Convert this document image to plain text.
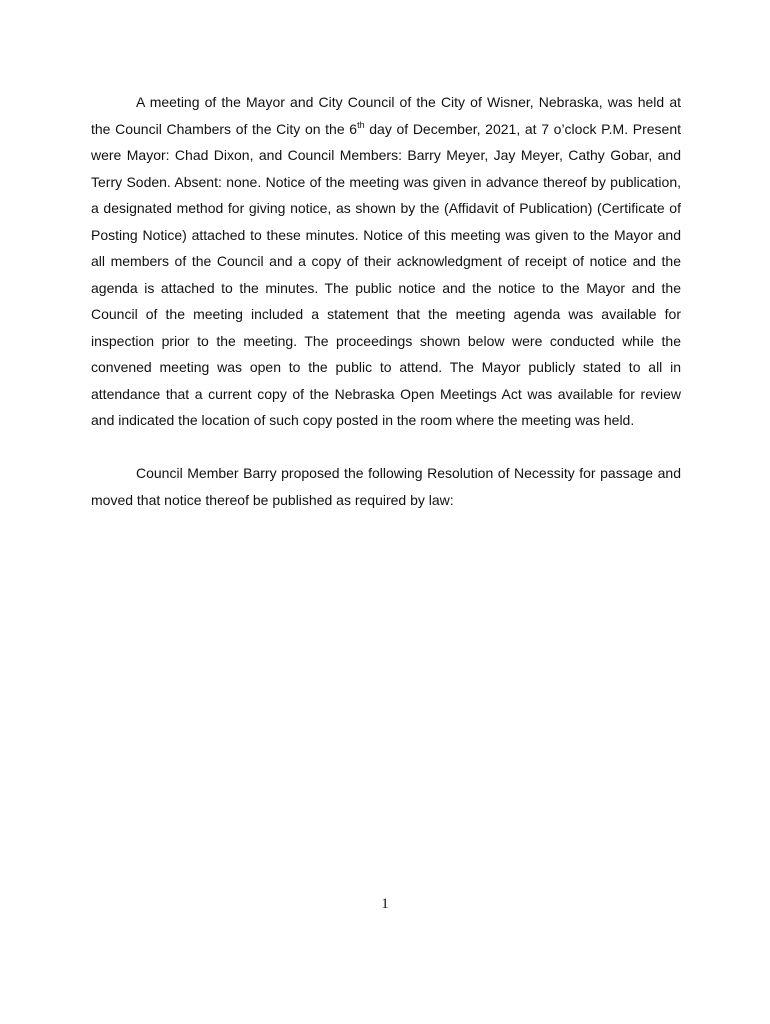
A meeting of the Mayor and City Council of the City of Wisner, Nebraska, was held at the Council Chambers of the City on the 6th day of December, 2021, at 7 o’clock P.M. Present were Mayor: Chad Dixon, and Council Members: Barry Meyer, Jay Meyer, Cathy Gobar, and Terry Soden. Absent: none. Notice of the meeting was given in advance thereof by publication, a designated method for giving notice, as shown by the (Affidavit of Publication) (Certificate of Posting Notice) attached to these minutes. Notice of this meeting was given to the Mayor and all members of the Council and a copy of their acknowledgment of receipt of notice and the agenda is attached to the minutes. The public notice and the notice to the Mayor and the Council of the meeting included a statement that the meeting agenda was available for inspection prior to the meeting. The proceedings shown below were conducted while the convened meeting was open to the public to attend. The Mayor publicly stated to all in attendance that a current copy of the Nebraska Open Meetings Act was available for review and indicated the location of such copy posted in the room where the meeting was held.

Council Member Barry proposed the following Resolution of Necessity for passage and moved that notice thereof be published as required by law:

1
